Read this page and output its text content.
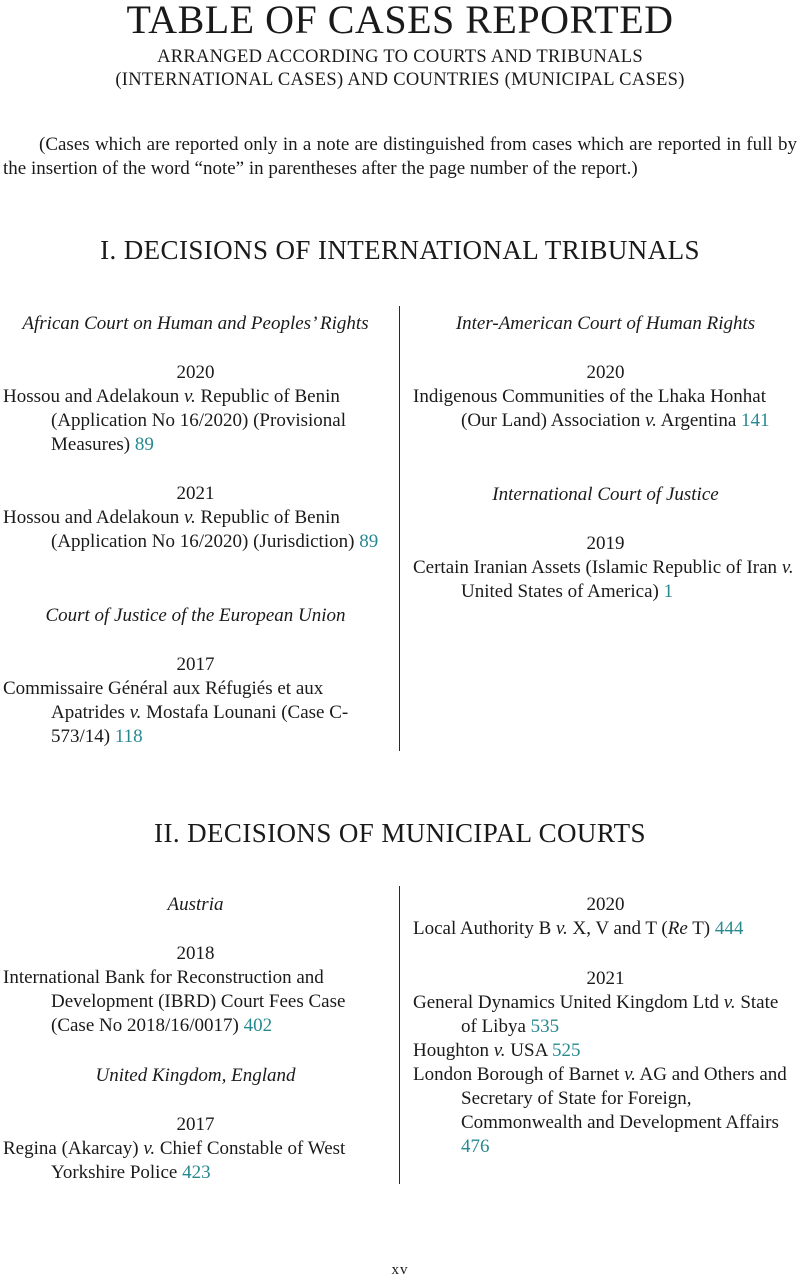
TABLE OF CASES REPORTED
ARRANGED ACCORDING TO COURTS AND TRIBUNALS
(INTERNATIONAL CASES) AND COUNTRIES (MUNICIPAL CASES)

(Cases which are reported only in a note are distinguished from cases which are reported in full by the insertion of the word “note” in parentheses after the page number of the report.)

I. DECISIONS OF INTERNATIONAL TRIBUNALS

African Court on Human and Peoples’ Rights

2020

Hossou and Adelakoun v. Republic of Benin (Application No 16/2020) (Provisional Measures) 89

2021

Hossou and Adelakoun v. Republic of Benin (Application No 16/2020) (Jurisdiction) 89

Court of Justice of the European Union

2017

Commissaire Général aux Réfugiés et aux Apatrides v. Mostafa Lounani (Case C-573/14) 118

Inter-American Court of Human Rights

2020

Indigenous Communities of the Lhaka Honhat (Our Land) Association v. Argentina 141

International Court of Justice

2019

Certain Iranian Assets (Islamic Republic of Iran v. United States of America) 1

II. DECISIONS OF MUNICIPAL COURTS

Austria

2018

International Bank for Reconstruction and Development (IBRD) Court Fees Case (Case No 2018/16/0017) 402

United Kingdom, England

2017

Regina (Akarcay) v. Chief Constable of West Yorkshire Police 423

2020

Local Authority B v. X, V and T (Re T) 444

2021

General Dynamics United Kingdom Ltd v. State of Libya 535

Houghton v. USA 525

London Borough of Barnet v. AG and Others and Secretary of State for Foreign, Commonwealth and Development Affairs 476

xv
